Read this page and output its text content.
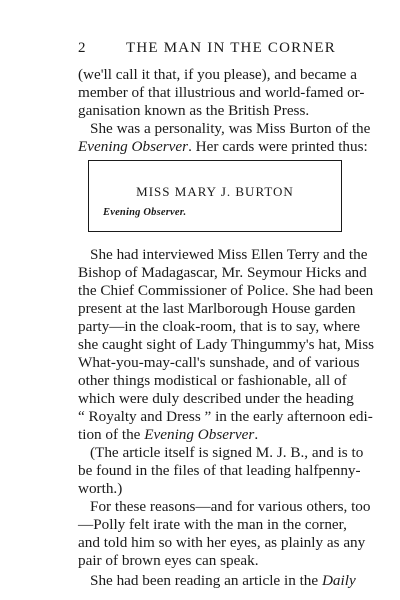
2	THE MAN IN THE CORNER
(we'll call it that, if you please), and became a
member of that illustrious and world-famed or-
ganisation known as the British Press.
She was a personality, was Miss Burton of the
Evening Observer. Her cards were printed thus:
MISS MARY J. BURTON
Evening Observer.
She had interviewed Miss Ellen Terry and the
Bishop of Madagascar, Mr. Seymour Hicks and
the Chief Commissioner of Police. She had been
present at the last Marlborough House garden
party—in the cloak-room, that is to say, where
she caught sight of Lady Thingummy's hat, Miss
What-you-may-call's sunshade, and of various
other things modistical or fashionable, all of
which were duly described under the heading
“ Royalty and Dress ” in the early afternoon edi-
tion of the Evening Observer.
(The article itself is signed M. J. B., and is to
be found in the files of that leading halfpenny-
worth.)
For these reasons—and for various others, too
—Polly felt irate with the man in the corner,
and told him so with her eyes, as plainly as any
pair of brown eyes can speak.
She had been reading an article in the Daily
